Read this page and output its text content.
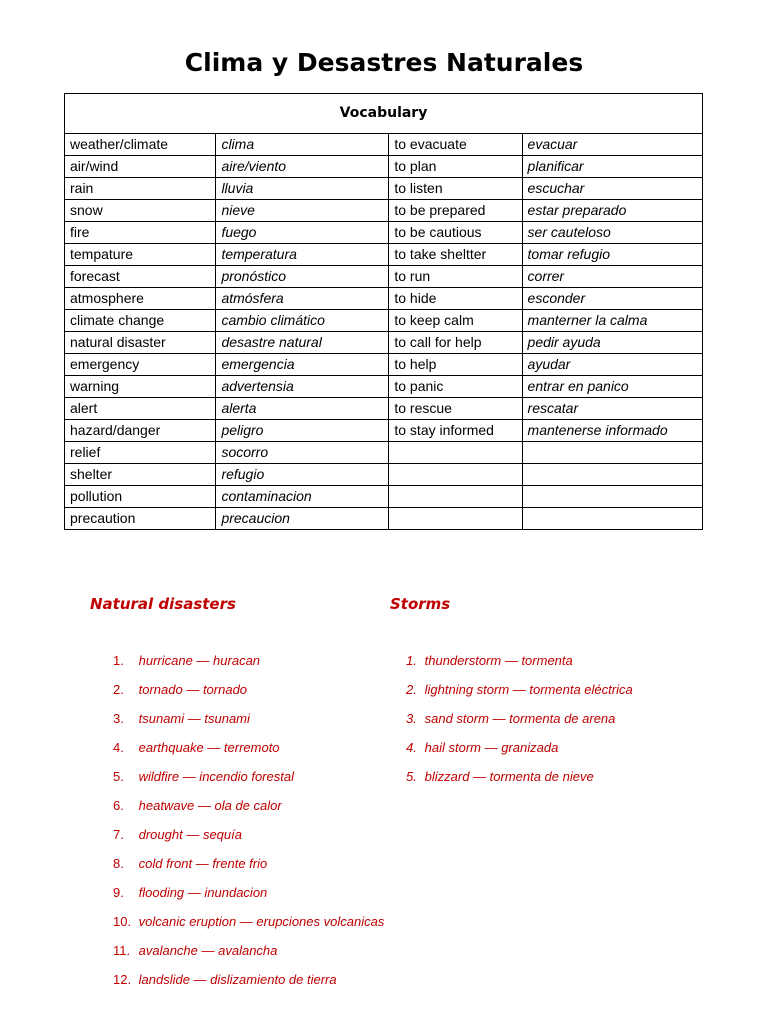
Clima y Desastres Naturales
Vocabulary			
weather/climate	clima	to evacuate	evacuar
air/wind	aire/viento	to plan	planificar
rain	lluvia	to listen	escuchar
snow	nieve	to be prepared	estar preparado
fire	fuego	to be cautious	ser cauteloso
tempature	temperatura	to take sheltter	tomar refugio
forecast	pronóstico	to run	correr
atmosphere	atmósfera	to hide	esconder
climate change	cambio climático	to keep calm	manterner la calma
natural disaster	desastre natural	to call for help	pedir ayuda
emergency	emergencia	to help	ayudar
warning	advertensia	to panic	entrar en panico
alert	alerta	to rescue	rescatar
hazard/danger	peligro	to stay informed	mantenerse informado
relief	socorro		
shelter	refugio		
pollution	contaminacion		
precaution	precaucion		
Natural disasters	Storms
1. hurricane — huracan
2. tornado — tornado
3. tsunami — tsunami
4. earthquake — terremoto
5. wildfire — incendio forestal
6. heatwave — ola de calor
7. drought — sequía
8. cold front — frente frio
9. flooding — inundacion
10. volcanic eruption — erupciones volcanicas
11. avalanche — avalancha
12. landslide — dislizamiento de tierra
1. thunderstorm — tormenta
2. lightning storm — tormenta eléctrica
3. sand storm — tormenta de arena
4. hail storm — granizada
5. blizzard — tormenta de nieve
